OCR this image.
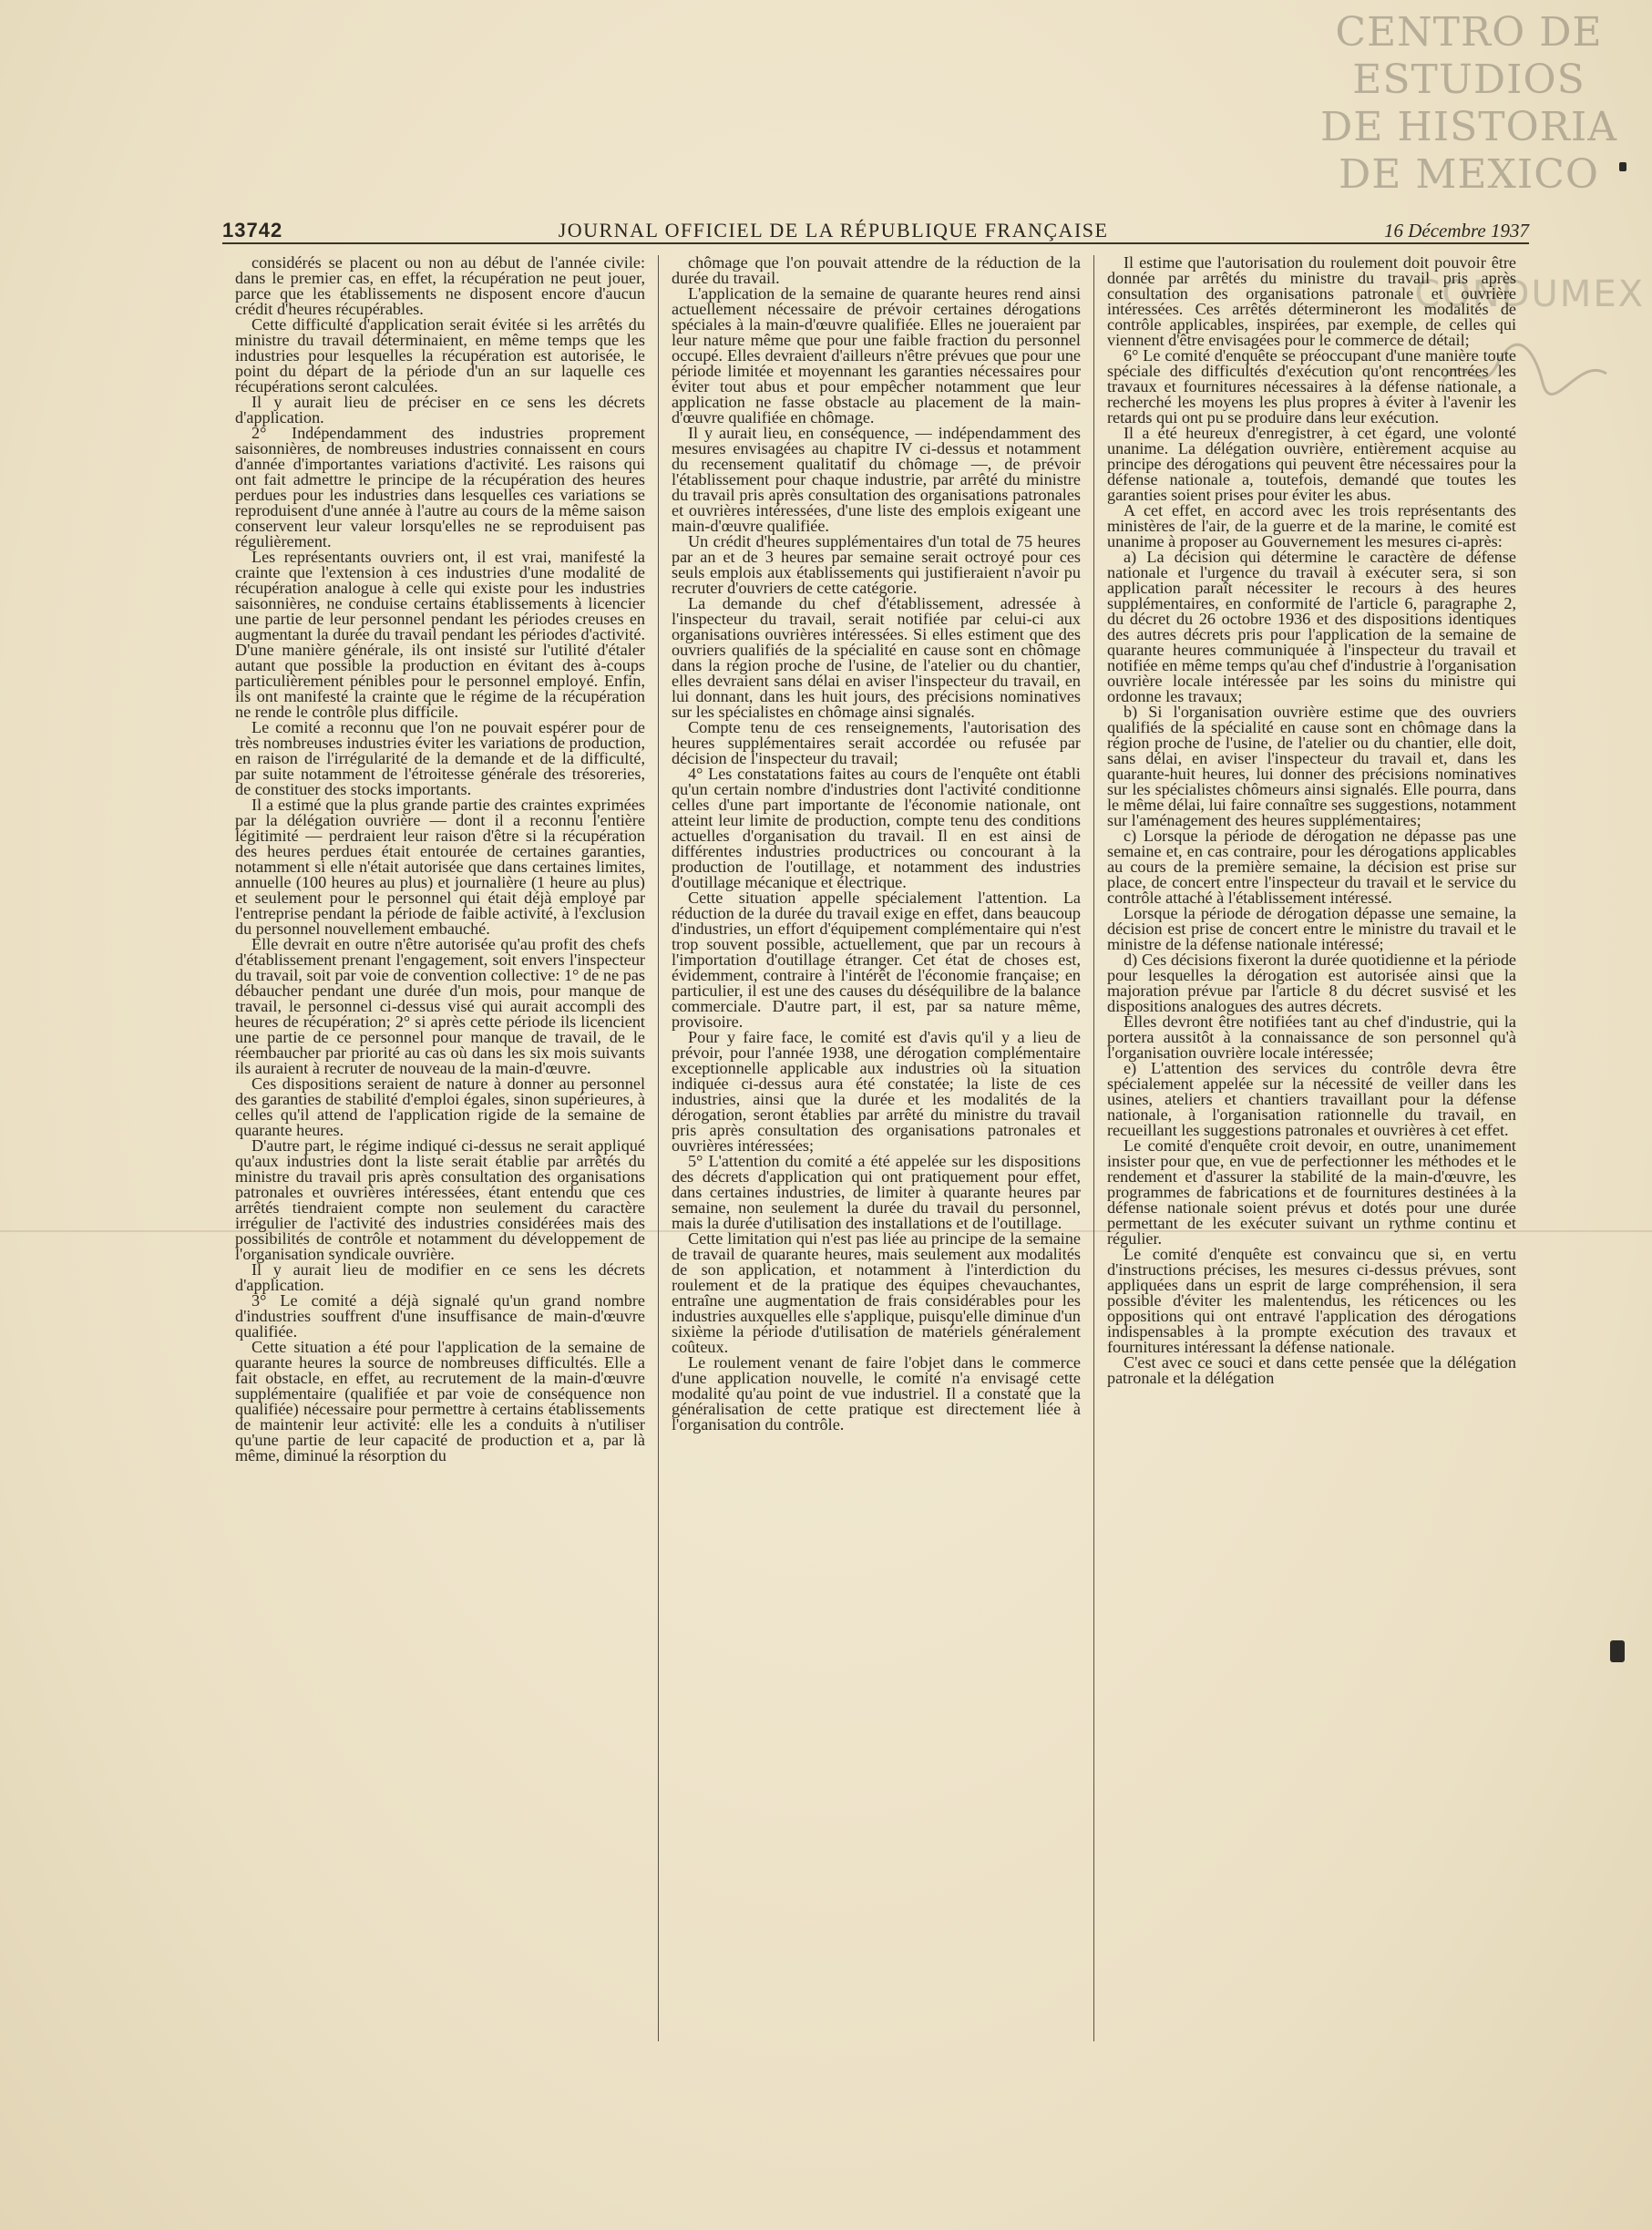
CENTRO DE
ESTUDIOS
DE HISTORIA
DE MEXICO
CONDUMEX
13742	JOURNAL OFFICIEL DE LA RÉPUBLIQUE FRANÇAISE	16 Décembre 1937

considérés se placent ou non au début de l'année civile: dans le premier cas, en effet, la récupération ne peut jouer, parce que les établissements ne disposent encore d'aucun crédit d'heures récupérables.

Cette difficulté d'application serait évitée si les arrêtés du ministre du travail déterminaient, en même temps que les industries pour lesquelles la récupération est autorisée, le point du départ de la période d'un an sur laquelle ces récupérations seront calculées.

Il y aurait lieu de préciser en ce sens les décrets d'application.

2° Indépendamment des industries proprement saisonnières, de nombreuses industries connaissent en cours d'année d'importantes variations d'activité. Les raisons qui ont fait admettre le principe de la récupération des heures perdues pour les industries dans lesquelles ces variations se reproduisent d'une année à l'autre au cours de la même saison conservent leur valeur lorsqu'elles ne se reproduisent pas régulièrement.

Les représentants ouvriers ont, il est vrai, manifesté la crainte que l'extension à ces industries d'une modalité de récupération analogue à celle qui existe pour les industries saisonnières, ne conduise certains établissements à licencier une partie de leur personnel pendant les périodes creuses en augmentant la durée du travail pendant les périodes d'activité. D'une manière générale, ils ont insisté sur l'utilité d'étaler autant que possible la production en évitant des à-coups particulièrement pénibles pour le personnel employé. Enfin, ils ont manifesté la crainte que le régime de la récupération ne rende le contrôle plus difficile.

Le comité a reconnu que l'on ne pouvait espérer pour de très nombreuses industries éviter les variations de production, en raison de l'irrégularité de la demande et de la difficulté, par suite notamment de l'étroitesse générale des trésoreries, de constituer des stocks importants.

Il a estimé que la plus grande partie des craintes exprimées par la délégation ouvrière — dont il a reconnu l'entière légitimité — perdraient leur raison d'être si la récupération des heures perdues était entourée de certaines garanties, notamment si elle n'était autorisée que dans certaines limites, annuelle (100 heures au plus) et journalière (1 heure au plus) et seulement pour le personnel qui était déjà employé par l'entreprise pendant la période de faible activité, à l'exclusion du personnel nouvellement embauché.

Elle devrait en outre n'être autorisée qu'au profit des chefs d'établissement prenant l'engagement, soit envers l'inspecteur du travail, soit par voie de convention collective: 1° de ne pas débaucher pendant une durée d'un mois, pour manque de travail, le personnel ci-dessus visé qui aurait accompli des heures de récupération; 2° si après cette période ils licencient une partie de ce personnel pour manque de travail, de le réembaucher par priorité au cas où dans les six mois suivants ils auraient à recruter de nouveau de la main-d'œuvre.

Ces dispositions seraient de nature à donner au personnel des garanties de stabilité d'emploi égales, sinon supérieures, à celles qu'il attend de l'application rigide de la semaine de quarante heures.

D'autre part, le régime indiqué ci-dessus ne serait appliqué qu'aux industries dont la liste serait établie par arrêtés du ministre du travail pris après consultation des organisations patronales et ouvrières intéressées, étant entendu que ces arrêtés tiendraient compte non seulement du caractère irrégulier de l'activité des industries considérées mais des possibilités de contrôle et notamment du développement de l'organisation syndicale ouvrière.

Il y aurait lieu de modifier en ce sens les décrets d'application.

3° Le comité a déjà signalé qu'un grand nombre d'industries souffrent d'une insuffisance de main-d'œuvre qualifiée.

Cette situation a été pour l'application de la semaine de quarante heures la source de nombreuses difficultés. Elle a fait obstacle, en effet, au recrutement de la main-d'œuvre supplémentaire (qualifiée et par voie de conséquence non qualifiée) nécessaire pour permettre à certains établissements de maintenir leur activité: elle les a conduits à n'utiliser qu'une partie de leur capacité de production et a, par là même, diminué la résorption du

chômage que l'on pouvait attendre de la réduction de la durée du travail.

L'application de la semaine de quarante heures rend ainsi actuellement nécessaire de prévoir certaines dérogations spéciales à la main-d'œuvre qualifiée. Elles ne joueraient par leur nature même que pour une faible fraction du personnel occupé. Elles devraient d'ailleurs n'être prévues que pour une période limitée et moyennant les garanties nécessaires pour éviter tout abus et pour empêcher notamment que leur application ne fasse obstacle au placement de la main-d'œuvre qualifiée en chômage.

Il y aurait lieu, en conséquence, — indépendamment des mesures envisagées au chapitre IV ci-dessus et notamment du recensement qualitatif du chômage —, de prévoir l'établissement pour chaque industrie, par arrêté du ministre du travail pris après consultation des organisations patronales et ouvrières intéressées, d'une liste des emplois exigeant une main-d'œuvre qualifiée.

Un crédit d'heures supplémentaires d'un total de 75 heures par an et de 3 heures par semaine serait octroyé pour ces seuls emplois aux établissements qui justifieraient n'avoir pu recruter d'ouvriers de cette catégorie.

La demande du chef d'établissement, adressée à l'inspecteur du travail, serait notifiée par celui-ci aux organisations ouvrières intéressées. Si elles estiment que des ouvriers qualifiés de la spécialité en cause sont en chômage dans la région proche de l'usine, de l'atelier ou du chantier, elles devraient sans délai en aviser l'inspecteur du travail, en lui donnant, dans les huit jours, des précisions nominatives sur les spécialistes en chômage ainsi signalés.

Compte tenu de ces renseignements, l'autorisation des heures supplémentaires serait accordée ou refusée par décision de l'inspecteur du travail;

4° Les constatations faites au cours de l'enquête ont établi qu'un certain nombre d'industries dont l'activité conditionne celles d'une part importante de l'économie nationale, ont atteint leur limite de production, compte tenu des conditions actuelles d'organisation du travail. Il en est ainsi de différentes industries productrices ou concourant à la production de l'outillage, et notamment des industries d'outillage mécanique et électrique.

Cette situation appelle spécialement l'attention. La réduction de la durée du travail exige en effet, dans beaucoup d'industries, un effort d'équipement complémentaire qui n'est trop souvent possible, actuellement, que par un recours à l'importation d'outillage étranger. Cet état de choses est, évidemment, contraire à l'intérêt de l'économie française; en particulier, il est une des causes du déséquilibre de la balance commerciale. D'autre part, il est, par sa nature même, provisoire.

Pour y faire face, le comité est d'avis qu'il y a lieu de prévoir, pour l'année 1938, une dérogation complémentaire exceptionnelle applicable aux industries où la situation indiquée ci-dessus aura été constatée; la liste de ces industries, ainsi que la durée et les modalités de la dérogation, seront établies par arrêté du ministre du travail pris après consultation des organisations patronales et ouvrières intéressées;

5° L'attention du comité a été appelée sur les dispositions des décrets d'application qui ont pratiquement pour effet, dans certaines industries, de limiter à quarante heures par semaine, non seulement la durée du travail du personnel, mais la durée d'utilisation des installations et de l'outillage.

Cette limitation qui n'est pas liée au principe de la semaine de travail de quarante heures, mais seulement aux modalités de son application, et notamment à l'interdiction du roulement et de la pratique des équipes chevauchantes, entraîne une augmentation de frais considérables pour les industries auxquelles elle s'applique, puisqu'elle diminue d'un sixième la période d'utilisation de matériels généralement coûteux.

Le roulement venant de faire l'objet dans le commerce d'une application nouvelle, le comité n'a envisagé cette modalité qu'au point de vue industriel. Il a constaté que la généralisation de cette pratique est directement liée à l'organisation du contrôle.

Il estime que l'autorisation du roulement doit pouvoir être donnée par arrêtés du ministre du travail pris après consultation des organisations patronale et ouvrière intéressées. Ces arrêtés détermineront les modalités de contrôle applicables, inspirées, par exemple, de celles qui viennent d'être envisagées pour le commerce de détail;

6° Le comité d'enquête se préoccupant d'une manière toute spéciale des difficultés d'exécution qu'ont rencontrées les travaux et fournitures nécessaires à la défense nationale, a recherché les moyens les plus propres à éviter à l'avenir les retards qui ont pu se produire dans leur exécution.

Il a été heureux d'enregistrer, à cet égard, une volonté unanime. La délégation ouvrière, entièrement acquise au principe des dérogations qui peuvent être nécessaires pour la défense nationale a, toutefois, demandé que toutes les garanties soient prises pour éviter les abus.

A cet effet, en accord avec les trois représentants des ministères de l'air, de la guerre et de la marine, le comité est unanime à proposer au Gouvernement les mesures ci-après:

a) La décision qui détermine le caractère de défense nationale et l'urgence du travail à exécuter sera, si son application paraît nécessiter le recours à des heures supplémentaires, en conformité de l'article 6, paragraphe 2, du décret du 26 octobre 1936 et des dispositions identiques des autres décrets pris pour l'application de la semaine de quarante heures communiquée à l'inspecteur du travail et notifiée en même temps qu'au chef d'industrie à l'organisation ouvrière locale intéressée par les soins du ministre qui ordonne les travaux;

b) Si l'organisation ouvrière estime que des ouvriers qualifiés de la spécialité en cause sont en chômage dans la région proche de l'usine, de l'atelier ou du chantier, elle doit, sans délai, en aviser l'inspecteur du travail et, dans les quarante-huit heures, lui donner des précisions nominatives sur les spécialistes chômeurs ainsi signalés. Elle pourra, dans le même délai, lui faire connaître ses suggestions, notamment sur l'aménagement des heures supplémentaires;

c) Lorsque la période de dérogation ne dépasse pas une semaine et, en cas contraire, pour les dérogations applicables au cours de la première semaine, la décision est prise sur place, de concert entre l'inspecteur du travail et le service du contrôle attaché à l'établissement intéressé.

Lorsque la période de dérogation dépasse une semaine, la décision est prise de concert entre le ministre du travail et le ministre de la défense nationale intéressé;

d) Ces décisions fixeront la durée quotidienne et la période pour lesquelles la dérogation est autorisée ainsi que la majoration prévue par l'article 8 du décret susvisé et les dispositions analogues des autres décrets.

Elles devront être notifiées tant au chef d'industrie, qui la portera aussitôt à la connaissance de son personnel qu'à l'organisation ouvrière locale intéressée;

e) L'attention des services du contrôle devra être spécialement appelée sur la nécessité de veiller dans les usines, ateliers et chantiers travaillant pour la défense nationale, à l'organisation rationnelle du travail, en recueillant les suggestions patronales et ouvrières à cet effet.

Le comité d'enquête croit devoir, en outre, unanimement insister pour que, en vue de perfectionner les méthodes et le rendement et d'assurer la stabilité de la main-d'œuvre, les programmes de fabrications et de fournitures destinées à la défense nationale soient prévus et dotés pour une durée permettant de les exécuter suivant un rythme continu et régulier.

Le comité d'enquête est convaincu que si, en vertu d'instructions précises, les mesures ci-dessus prévues, sont appliquées dans un esprit de large compréhension, il sera possible d'éviter les malentendus, les réticences ou les oppositions qui ont entravé l'application des dérogations indispensables à la prompte exécution des travaux et fournitures intéressant la défense nationale.

C'est avec ce souci et dans cette pensée que la délégation patronale et la délégation
